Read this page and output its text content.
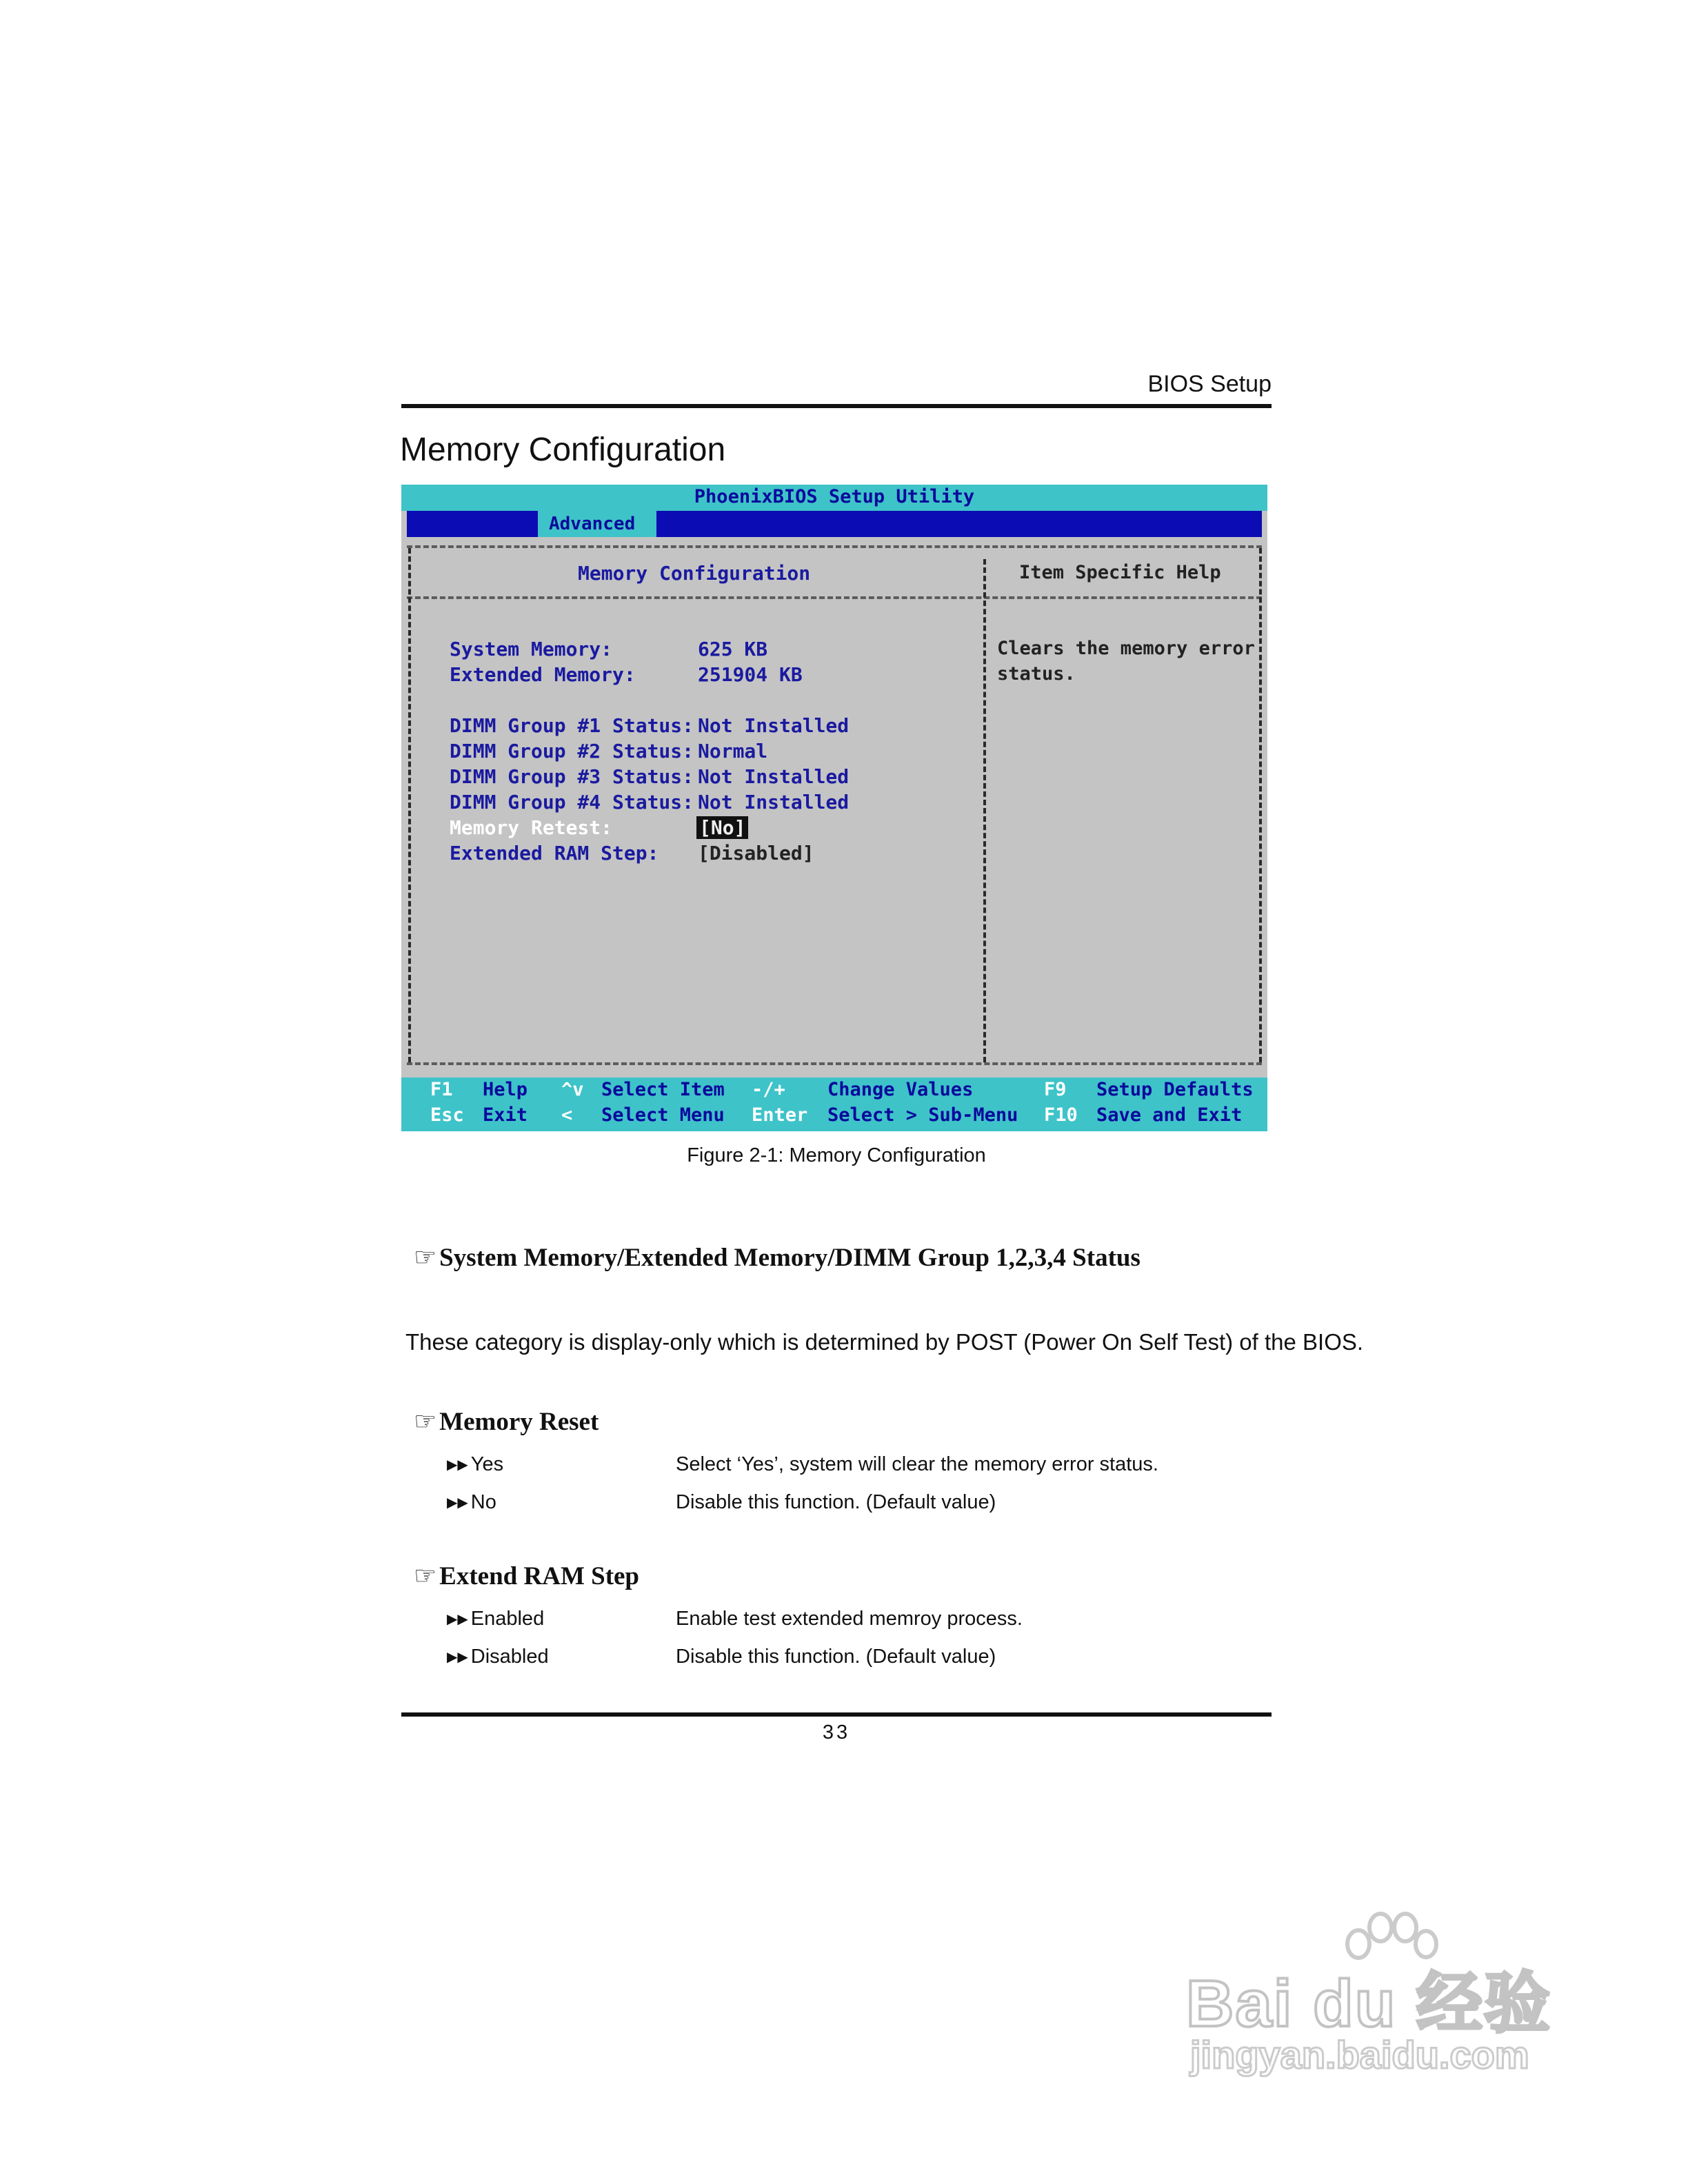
BIOS Setup
Memory Configuration
PhoenixBIOS Setup Utility
Advanced
Memory Configuration	Item Specific Help
System Memory:	625 KB
Extended Memory:	251904 KB
DIMM Group #1 Status: Not Installed
DIMM Group #2 Status: Normal
DIMM Group #3 Status: Not Installed
DIMM Group #4 Status: Not Installed
Memory Retest:	[No]
Extended RAM Step: [Disabled]
Clears the memory error
status.
F1 Help ^v Select Item -/+ Change Values	F9 Setup Defaults
Esc Exit < Select Menu Enter Select > Sub-Menu F10 Save and Exit
Figure 2-1: Memory Configuration
☞ System Memory/Extended Memory/DIMM Group 1,2,3,4 Status
These category is display-only which is determined by POST (Power On Self Test) of the BIOS.
☞ Memory Reset
▶▶ Yes	Select ‘Yes’, system will clear the memory error status.
▶▶ No	Disable this function. (Default value)
☞ Extend RAM Step
▶▶ Enabled	Enable test extended memroy process.
▶▶ Disabled	Disable this function. (Default value)
33
Bai du 经验
jingyan.baidu.com
